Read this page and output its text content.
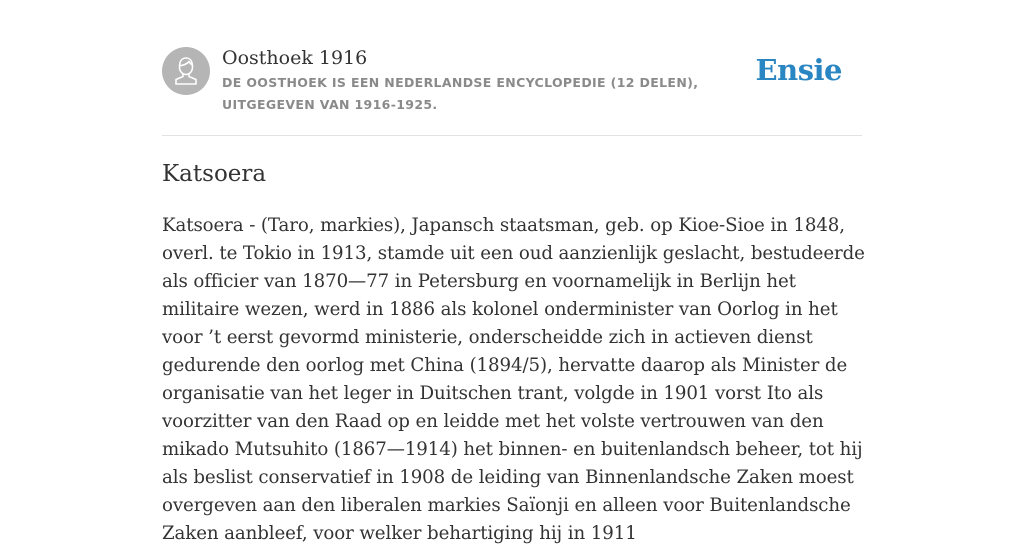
Oosthoek 1916
DE OOSTHOEK IS EEN NEDERLANDSE ENCYCLOPEDIE (12 DELEN), UITGEGEVEN VAN 1916-1925.
Ensie
Katsoera

Katsoera - (Taro, markies), Japansch staatsman, geb. op Kioe-Sioe in 1848, overl. te Tokio in 1913, stamde uit een oud aanzienlijk geslacht, bestudeerde als officier van 1870—77 in Petersburg en voornamelijk in Berlijn het militaire wezen, werd in 1886 als kolonel onderminister van Oorlog in het voor ’t eerst gevormd ministerie, onderscheidde zich in actieven dienst gedurende den oorlog met China (1894/5), hervatte daarop als Minister de organisatie van het leger in Duitschen trant, volgde in 1901 vorst Ito als voorzitter van den Raad op en leidde met het volste vertrouwen van den mikado Mutsuhito (1867—1914) het binnen- en buitenlandsch beheer, tot hij als beslist conservatief in 1908 de leiding van Binnenlandsche Zaken moest overgeven aan den liberalen markies Saïonji en alleen voor Buitenlandsche Zaken aanbleef, voor welker behartiging hij in 1911
